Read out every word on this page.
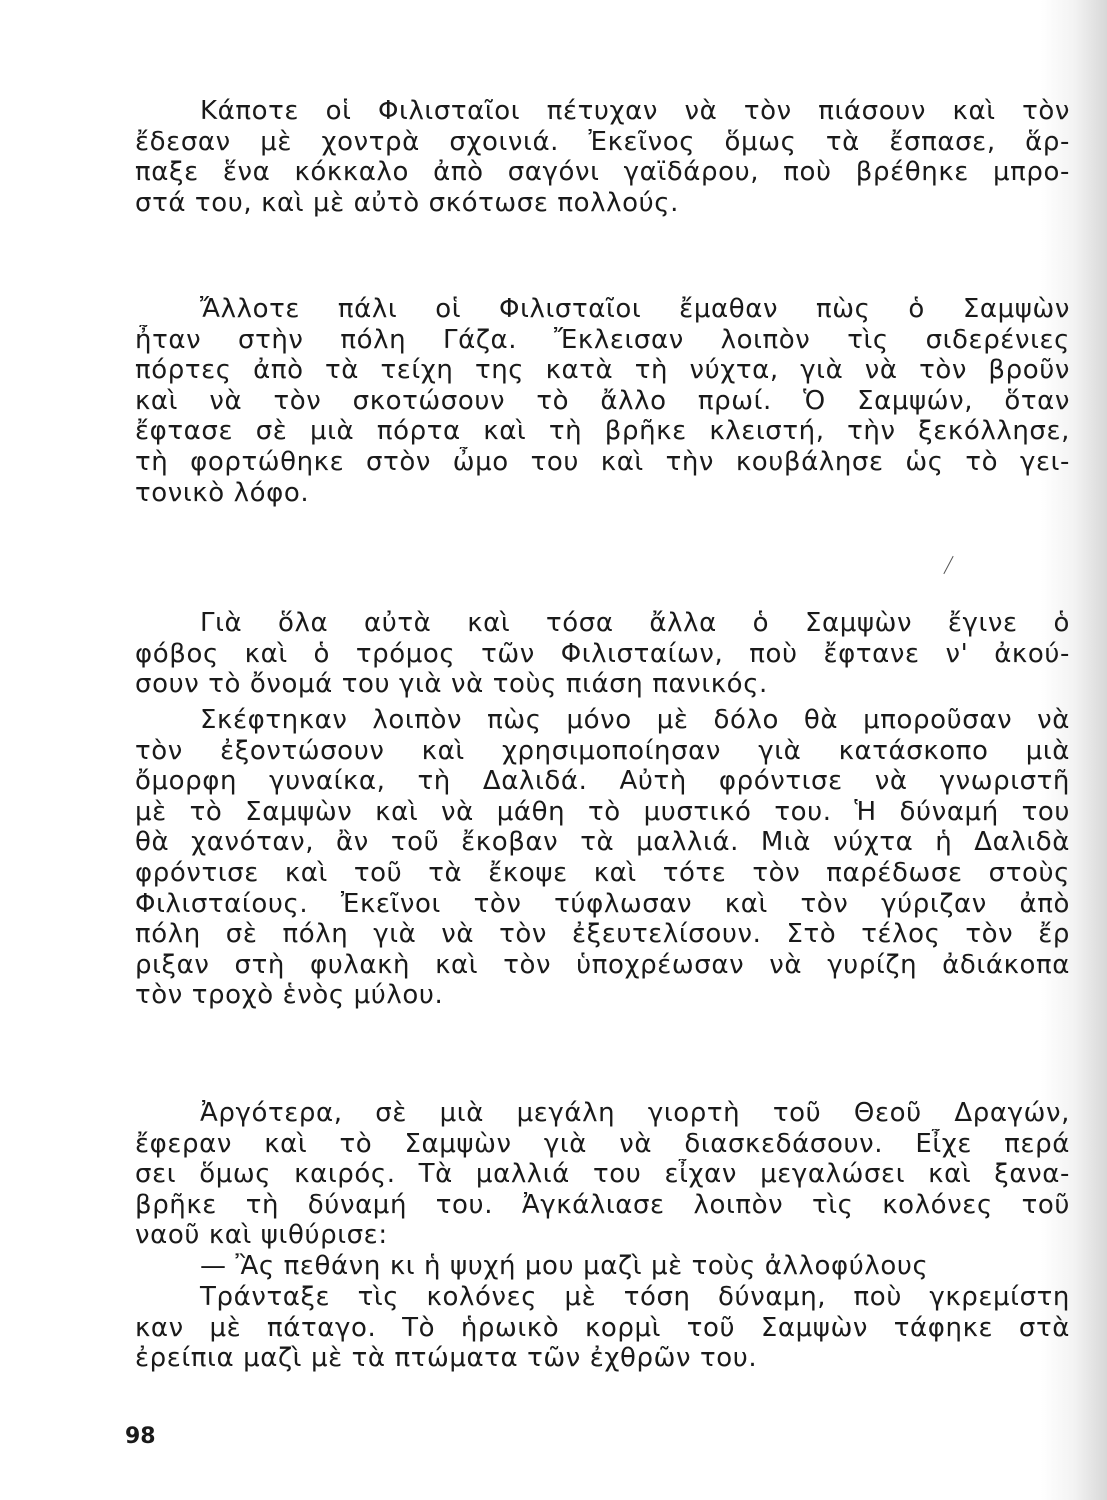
Κάποτε οἱ Φιλισταῖοι πέτυχαν νὰ τὸν πιάσουν καὶ τὸν
ἔδεσαν μὲ χοντρὰ σχοινιά. Ἐκεῖνος ὅμως τὰ ἔσπασε, ἅρ-
παξε ἕνα κόκκαλο ἀπὸ σαγόνι γαϊδάρου, ποὺ βρέθηκε μπρο-
στά του, καὶ μὲ αὐτὸ σκότωσε πολλούς.
Ἄλλοτε πάλι οἱ Φιλισταῖοι ἔμαθαν πὼς ὁ Σαμψὼν
ἦταν στὴν πόλη Γάζα. Ἔκλεισαν λοιπὸν τὶς σιδερένιες
πόρτες ἀπὸ τὰ τείχη της κατὰ τὴ νύχτα, γιὰ νὰ τὸν βροῦν
καὶ νὰ τὸν σκοτώσουν τὸ ἄλλο πρωί. Ὁ Σαμψών, ὅταν
ἔφτασε σὲ μιὰ πόρτα καὶ τὴ βρῆκε κλειστή, τὴν ξεκόλλησε,
τὴ φορτώθηκε στὸν ὦμο του καὶ τὴν κουβάλησε ὡς τὸ γει-
τονικὸ λόφο.
Γιὰ ὅλα αὐτὰ καὶ τόσα ἄλλα ὁ Σαμψὼν ἔγινε ὁ
φόβος καὶ ὁ τρόμος τῶν Φιλισταίων, ποὺ ἔφτανε ν' ἀκού-
σουν τὸ ὄνομά του γιὰ νὰ τοὺς πιάση πανικός.
Σκέφτηκαν λοιπὸν πὼς μόνο μὲ δόλο θὰ μποροῦσαν νὰ
τὸν ἐξοντώσουν καὶ χρησιμοποίησαν γιὰ κατάσκοπο μιὰ
ὄμορφη γυναίκα, τὴ Δαλιδά. Αὐτὴ φρόντισε νὰ γνωριστῆ
μὲ τὸ Σαμψὼν καὶ νὰ μάθη τὸ μυστικό του. Ἡ δύναμή του
θὰ χανόταν, ἂν τοῦ ἔκοβαν τὰ μαλλιά. Μιὰ νύχτα ἡ Δαλιδὰ
φρόντισε καὶ τοῦ τὰ ἔκοψε καὶ τότε τὸν παρέδωσε στοὺς
Φιλισταίους. Ἐκεῖνοι τὸν τύφλωσαν καὶ τὸν γύριζαν ἀπὸ
πόλη σὲ πόλη γιὰ νὰ τὸν ἐξευτελίσουν. Στὸ τέλος τὸν ἔρ
ριξαν στὴ φυλακὴ καὶ τὸν ὑποχρέωσαν νὰ γυρίζη ἀδιάκοπα
τὸν τροχὸ ἑνὸς μύλου.
Ἀργότερα, σὲ μιὰ μεγάλη γιορτὴ τοῦ Θεοῦ Δραγών,
ἔφεραν καὶ τὸ Σαμψὼν γιὰ νὰ διασκεδάσουν. Εἶχε περά
σει ὅμως καιρός. Τὰ μαλλιά του εἶχαν μεγαλώσει καὶ ξανα-
βρῆκε τὴ δύναμή του. Ἀγκάλιασε λοιπὸν τὶς κολόνες τοῦ
ναοῦ καὶ ψιθύρισε:
— Ἂς πεθάνη κι ἡ ψυχή μου μαζὶ μὲ τοὺς ἀλλοφύλους
Τράνταξε τὶς κολόνες μὲ τόση δύναμη, ποὺ γκρεμίστη
καν μὲ πάταγο. Τὸ ἡρωικὸ κορμὶ τοῦ Σαμψὼν τάφηκε στὰ
ἐρείπια μαζὶ μὲ τὰ πτώματα τῶν ἐχθρῶν του.
98
